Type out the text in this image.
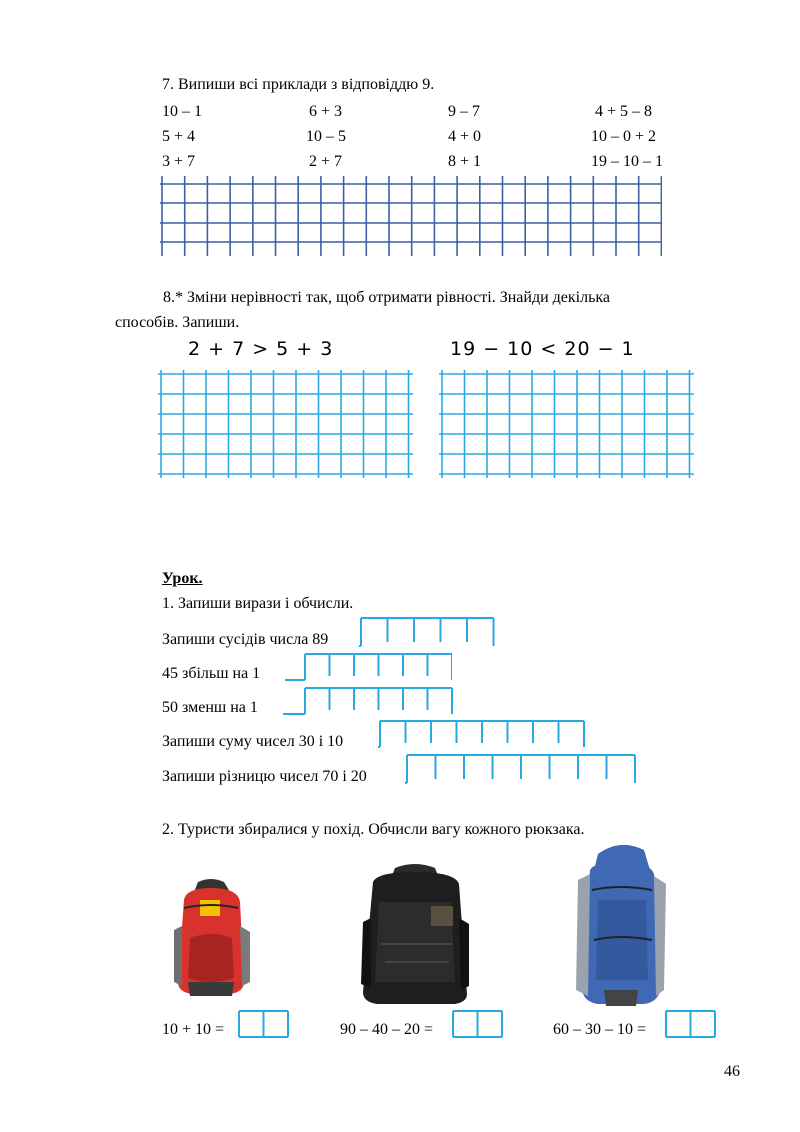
7. Випиши всі приклади з відповіддю 9.
10 – 1	6 + 3	9 – 7	4 + 5 – 8
5 + 4	10 – 5	4 + 0	10 – 0 + 2
3 + 7	2 + 7	8 + 1	19 – 10 – 1
8.* Зміни нерівності так, щоб отримати рівності. Знайди декілька
способів. Запиши.
2 + 7 > 5 + 3	19 − 10 < 20 − 1
Урок.
1. Запиши вирази і обчисли.
Запиши сусідів числа 89
45 збільш на 1
50 зменш на 1
Запиши суму чисел 30 і 10
Запиши різницю чисел 70 і 20
2. Туристи збиралися у похід. Обчисли вагу кожного рюкзака.
10 + 10 =	90 – 40 – 20 =	60 – 30 – 10 =
46
